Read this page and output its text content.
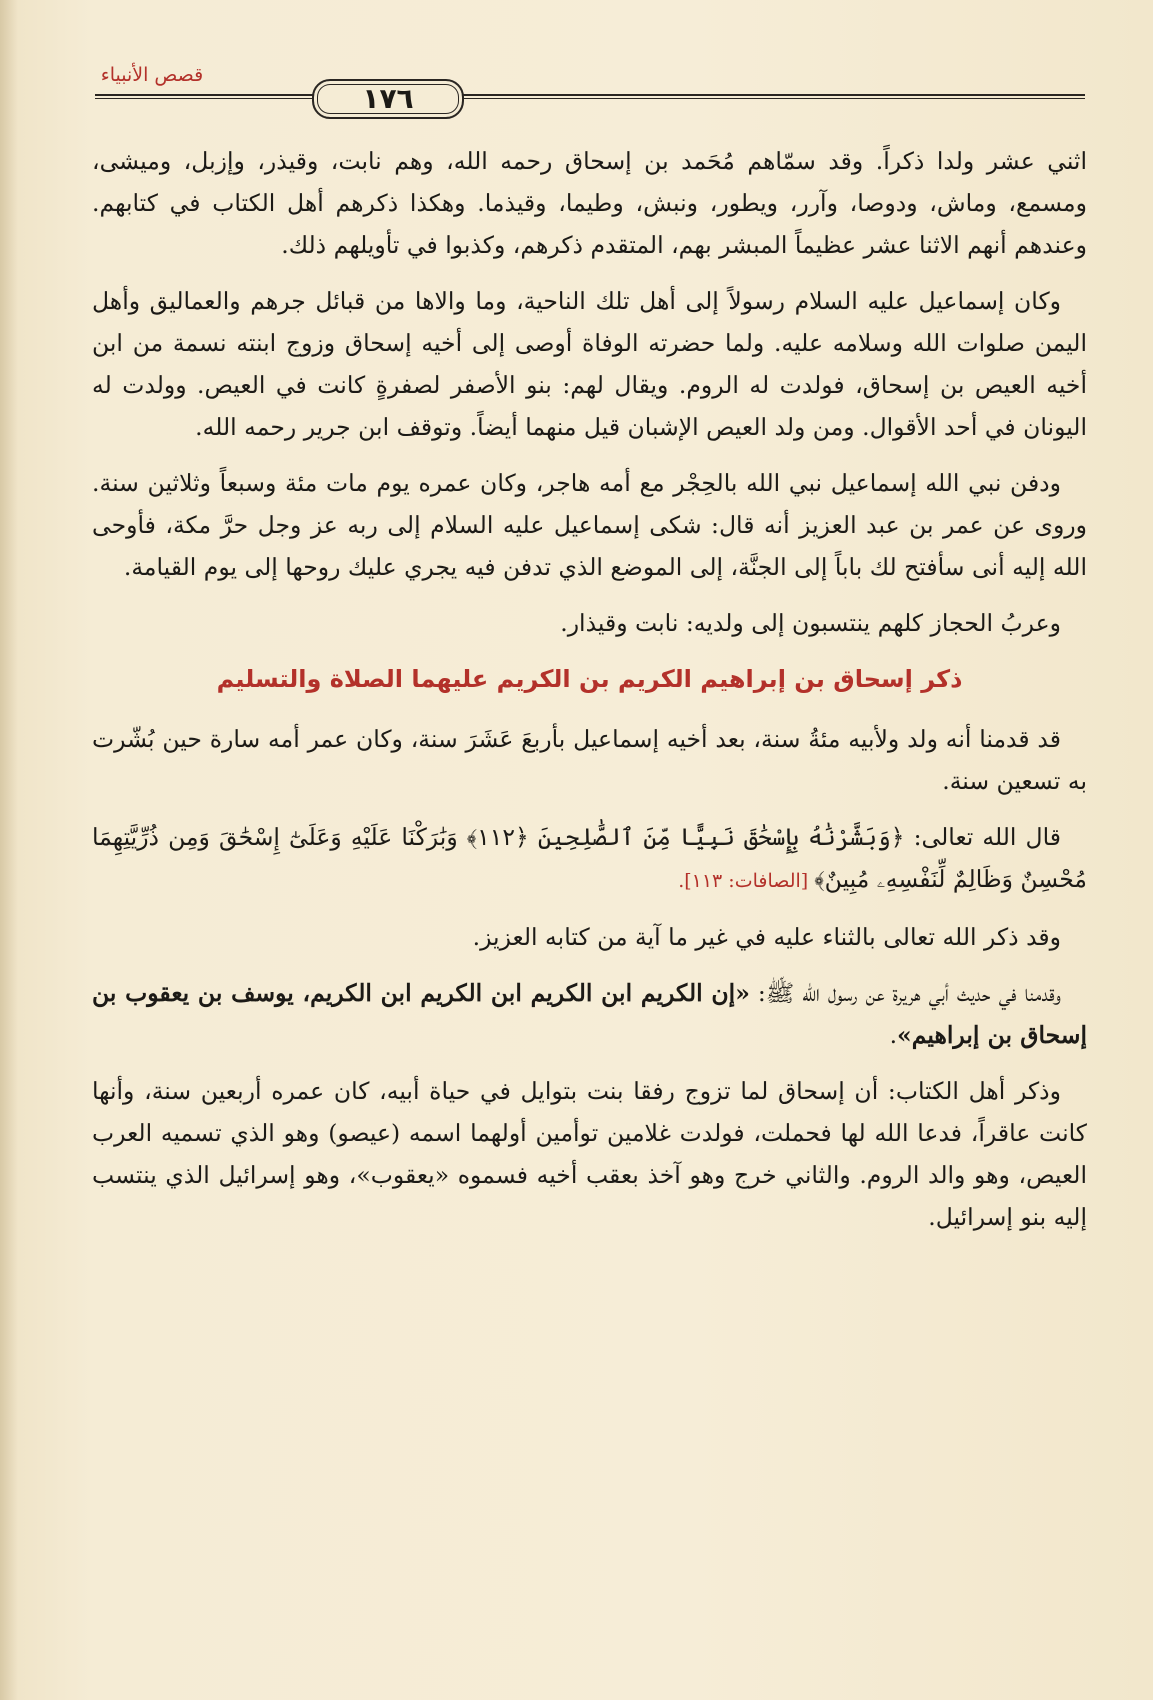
قصص الأنبياء
١٧٦

اثني عشر ولدا ذكراً. وقد سمّاهم مُحَمد بن إسحاق رحمه الله، وهم نابت، وقيذر، وإزبل، وميشى، ومسمع، وماش، ودوصا، وآرر، ويطور، ونبش، وطيما، وقيذما. وهكذا ذكرهم أهل الكتاب في كتابهم. وعندهم أنهم الاثنا عشر عظيماً المبشر بهم، المتقدم ذكرهم، وكذبوا في تأويلهم ذلك.

وكان إسماعيل عليه السلام رسولاً إلى أهل تلك الناحية، وما والاها من قبائل جرهم والعماليق وأهل اليمن صلوات الله وسلامه عليه. ولما حضرته الوفاة أوصى إلى أخيه إسحاق وزوج ابنته نسمة من ابن أخيه العيص بن إسحاق، فولدت له الروم. ويقال لهم: بنو الأصفر لصفرةٍ كانت في العيص. وولدت له اليونان في أحد الأقوال. ومن ولد العيص الإشبان قيل منهما أيضاً. وتوقف ابن جرير رحمه الله.

ودفن نبي الله إسماعيل نبي الله بالحِجْر مع أمه هاجر، وكان عمره يوم مات مئة وسبعاً وثلاثين سنة. وروى عن عمر بن عبد العزيز أنه قال: شكى إسماعيل عليه السلام إلى ربه عز وجل حرَّ مكة، فأوحى الله إليه أنى سأفتح لك باباً إلى الجنَّة، إلى الموضع الذي تدفن فيه يجري عليك روحها إلى يوم القيامة.

وعربُ الحجاز كلهم ينتسبون إلى ولديه: نابت وقيذار.

ذكر إسحاق بن إبراهيم الكريم بن الكريم عليهما الصلاة والتسليم

قد قدمنا أنه ولد ولأبيه مئةُ سنة، بعد أخيه إسماعيل بأربعَ عَشَرَ سنة، وكان عمر أمه سارة حين بُشّرت به تسعين سنة.

قال الله تعالى: ﴿وَبَشَّرْنَٰهُ بِإِسْحَٰقَ نَبِيًّا مِّنَ ٱلصَّٰلِحِينَ ﴿١١٢﴾ وَبَٰرَكْنَا عَلَيْهِ وَعَلَىٰٓ إِسْحَٰقَ وَمِن ذُرِّيَّتِهِمَا مُحْسِنٌ وَظَالِمٌ لِّنَفْسِهِۦ مُبِينٌ﴾ [الصافات: ١١٣].

وقد ذكر الله تعالى بالثناء عليه في غير ما آية من كتابه العزيز.

وقدمنا في حديث أبي هريرة عن رسول الله ﷺ: «إن الكريم ابن الكريم ابن الكريم ابن الكريم، يوسف بن يعقوب بن إسحاق بن إبراهيم».

وذكر أهل الكتاب: أن إسحاق لما تزوج رفقا بنت بتوايل في حياة أبيه، كان عمره أربعين سنة، وأنها كانت عاقراً، فدعا الله لها فحملت، فولدت غلامين توأمين أولهما اسمه (عيصو) وهو الذي تسميه العرب العيص، وهو والد الروم. والثاني خرج وهو آخذ بعقب أخيه فسموه «يعقوب»، وهو إسرائيل الذي ينتسب إليه بنو إسرائيل.
